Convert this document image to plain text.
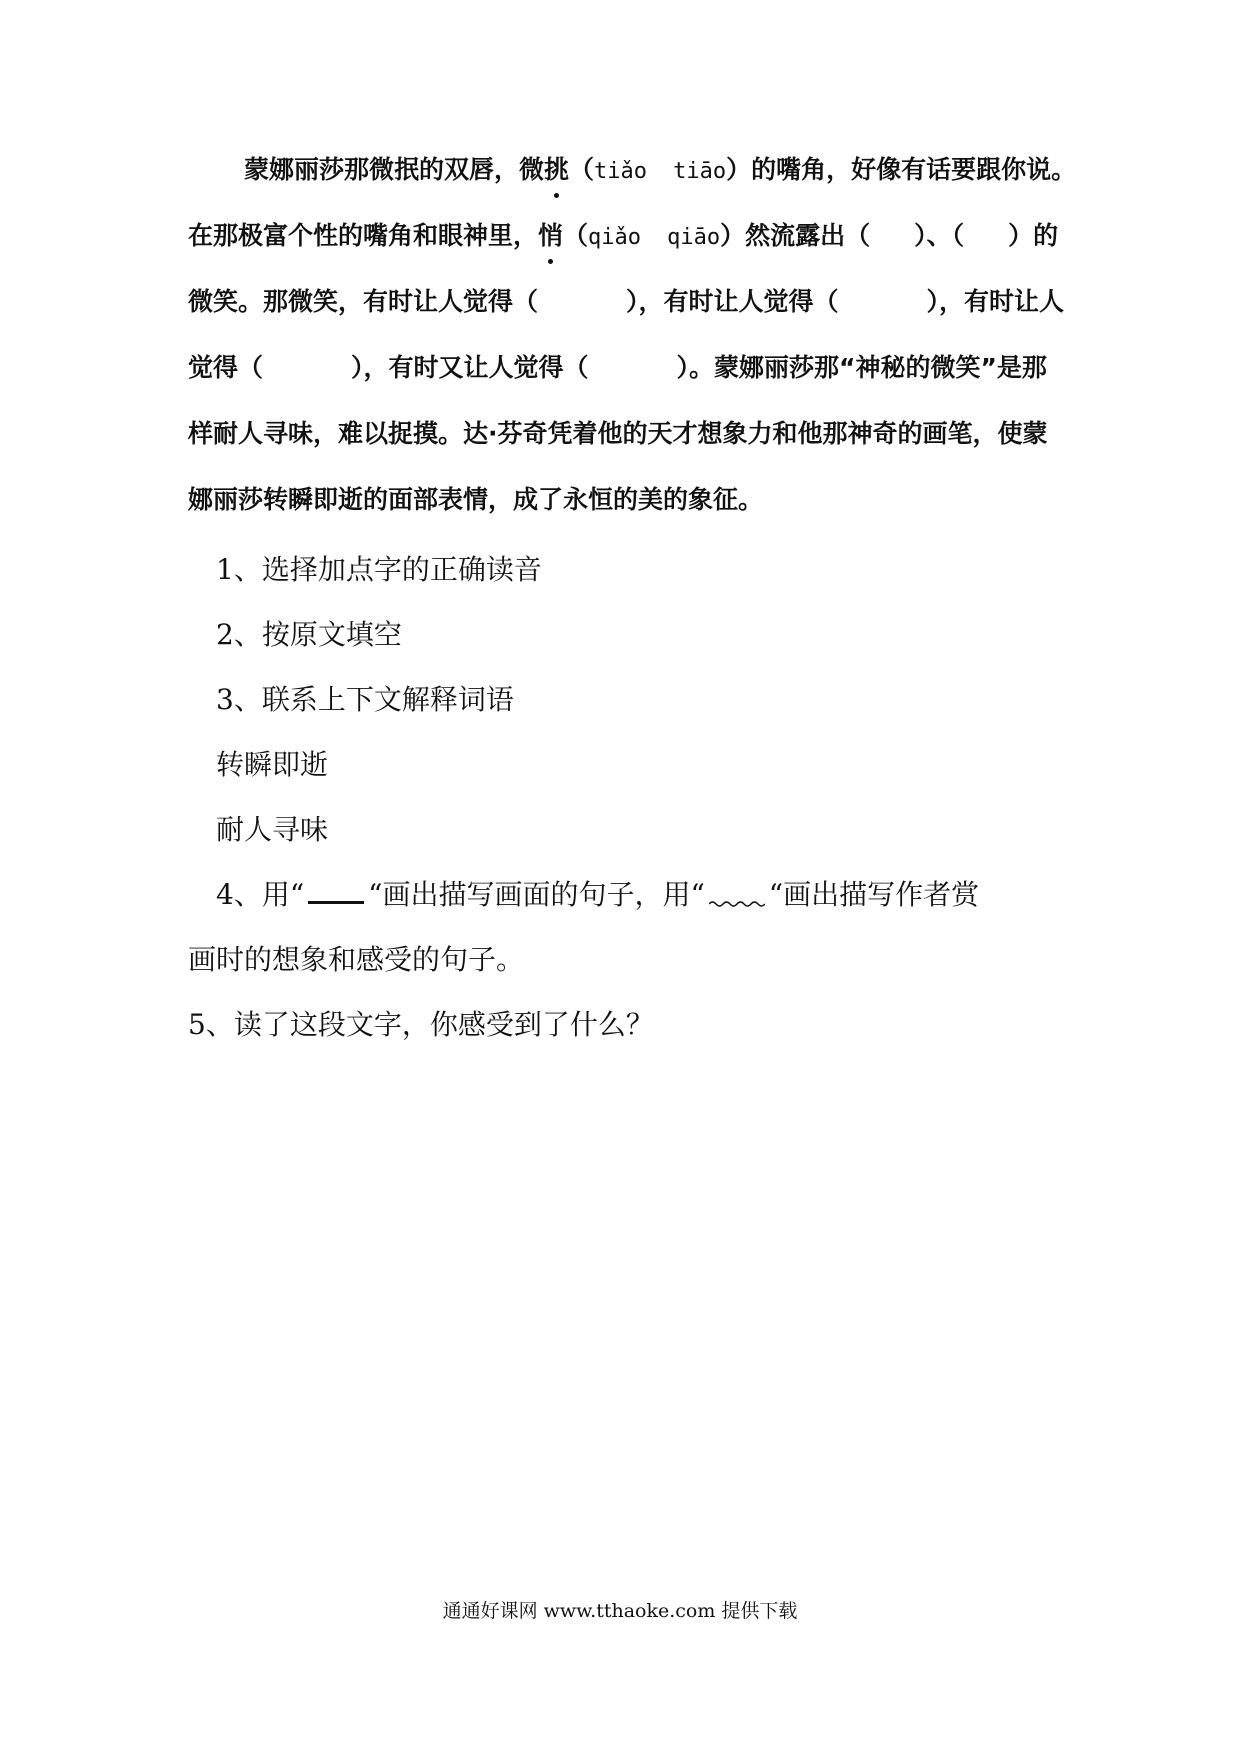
蒙娜丽莎那微抿的双唇，微挑（tiǎo tiāo）的嘴角，好像有话要跟你说。
在那极富个性的嘴角和眼神里，悄（qiǎo qiāo）然流露出（ ）、（ ）的
微笑。那微笑，有时让人觉得（	），有时让人觉得（	），有时让人
觉得（	），有时又让人觉得（	）。蒙娜丽莎那“神秘的微笑”是那
样耐人寻味，难以捉摸。达·芬奇凭着他的天才想象力和他那神奇的画笔，使蒙
娜丽莎转瞬即逝的面部表情，成了永恒的美的象征。
1、选择加点字的正确读音
2、按原文填空
3、联系上下文解释词语
转瞬即逝
耐人寻味
4、用“ “画出描写画面的句子，用“ “画出描写作者赏
画时的想象和感受的句子。
5、读了这段文字，你感受到了什么？
通通好课网 www.tthaoke.com 提供下载
